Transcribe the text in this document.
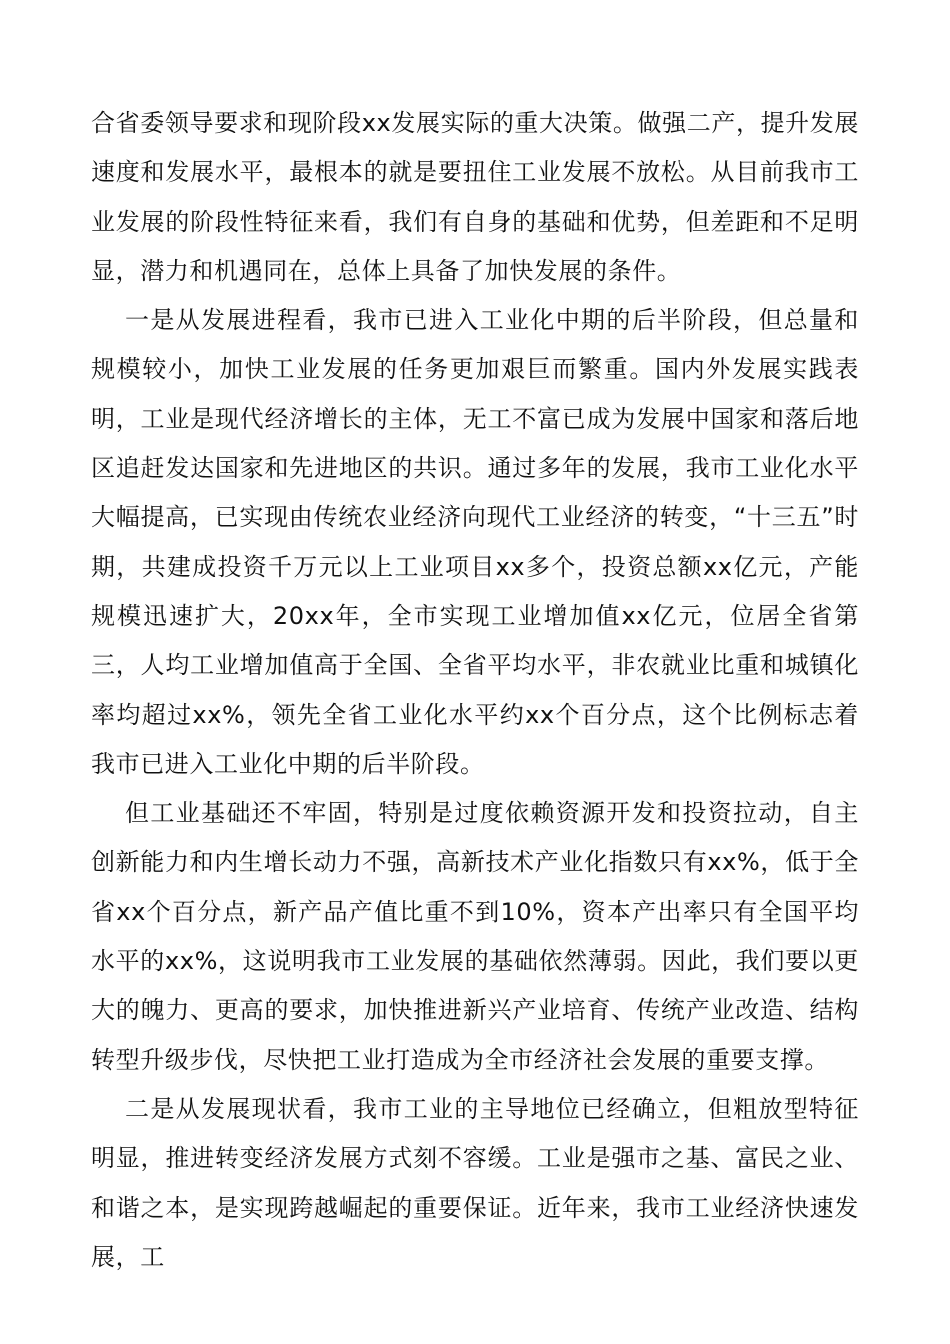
合省委领导要求和现阶段xx发展实际的重大决策。做强二产，提升发展速度和发展水平，最根本的就是要扭住工业发展不放松。从目前我市工业发展的阶段性特征来看，我们有自身的基础和优势，但差距和不足明显，潜力和机遇同在，总体上具备了加快发展的条件。

一是从发展进程看，我市已进入工业化中期的后半阶段，但总量和规模较小，加快工业发展的任务更加艰巨而繁重。国内外发展实践表明，工业是现代经济增长的主体，无工不富已成为发展中国家和落后地区追赶发达国家和先进地区的共识。通过多年的发展，我市工业化水平大幅提高，已实现由传统农业经济向现代工业经济的转变，“十三五”时期，共建成投资千万元以上工业项目xx多个，投资总额xx亿元，产能规模迅速扩大，20xx年，全市实现工业增加值xx亿元，位居全省第三，人均工业增加值高于全国、全省平均水平，非农就业比重和城镇化率均超过xx%，领先全省工业化水平约xx个百分点，这个比例标志着我市已进入工业化中期的后半阶段。

但工业基础还不牢固，特别是过度依赖资源开发和投资拉动，自主创新能力和内生增长动力不强，高新技术产业化指数只有xx%，低于全省xx个百分点，新产品产值比重不到10%，资本产出率只有全国平均水平的xx%，这说明我市工业发展的基础依然薄弱。因此，我们要以更大的魄力、更高的要求，加快推进新兴产业培育、传统产业改造、结构转型升级步伐，尽快把工业打造成为全市经济社会发展的重要支撑。

二是从发展现状看，我市工业的主导地位已经确立，但粗放型特征明显，推进转变经济发展方式刻不容缓。工业是强市之基、富民之业、和谐之本，是实现跨越崛起的重要保证。近年来，我市工业经济快速发展，工
